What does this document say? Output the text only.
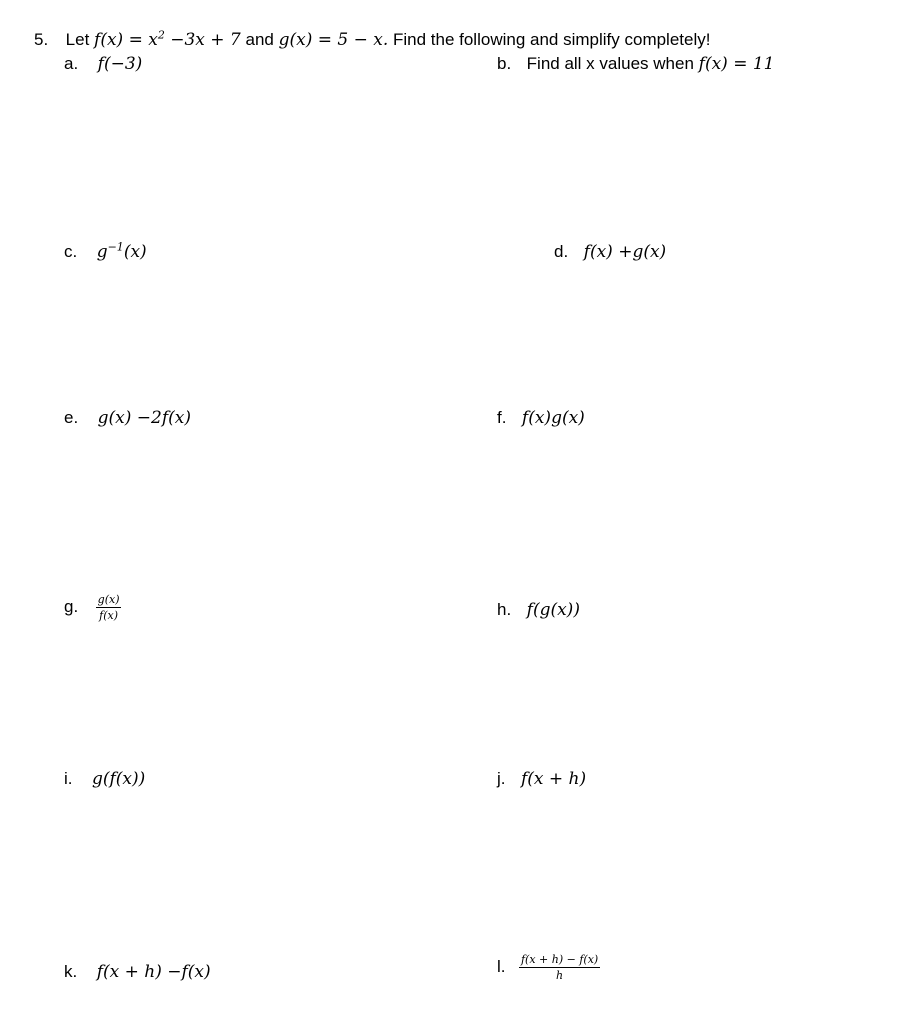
5. Let $f(x) = x^2 -3x + 7$ and g(x) = 5 − x. Find the following and simplify completely!
a. f(−3)	b. Find all x values when f(x) = 11
c. $g^{-1}(x)$	d. f(x) +g(x)
e. g(x) −2f(x)	f. f(x)g(x)
g. $\frac{g(x)}{f(x)}$	h. f(g(x))
i. g(f(x))	j. f(x + h)
k. f(x + h) −f(x)	l. $\frac{f(x + h) - f(x)}{h}$
